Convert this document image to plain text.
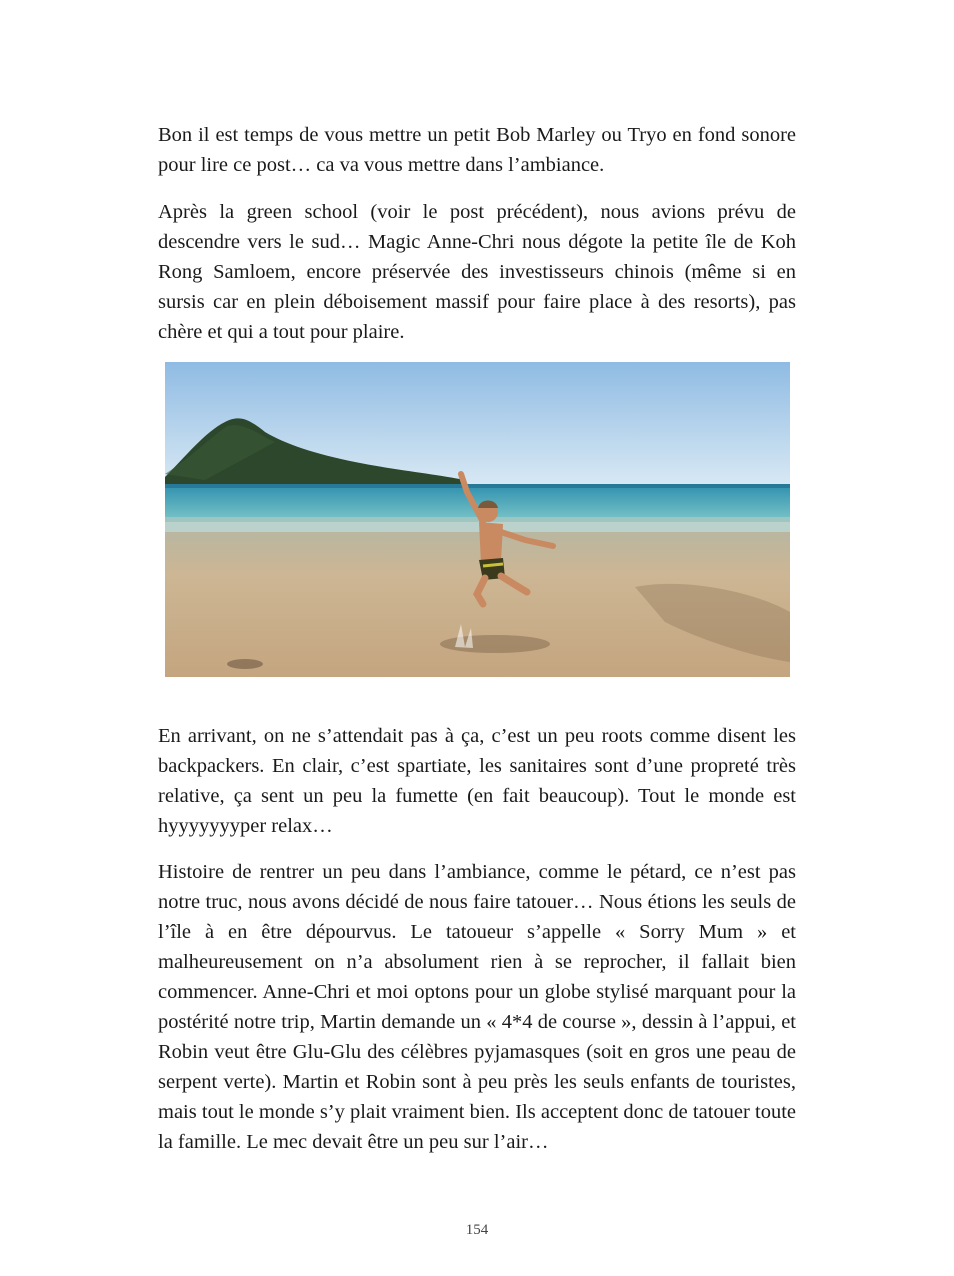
Bon il est temps de vous mettre un petit Bob Marley ou Tryo en fond sonore pour lire ce post… ca va vous mettre dans l’ambiance.

Après la green school (voir le post précédent), nous avions prévu de descendre vers le sud… Magic Anne-Chri nous dégote la petite île de Koh Rong Samloem, encore préservée des investisseurs chinois (même si en sursis car en plein déboisement massif pour faire place à des resorts), pas chère et qui a tout pour plaire.

En arrivant, on ne s’attendait pas à ça, c’est un peu roots comme disent les backpackers. En clair, c’est spartiate, les sanitaires sont d’une propreté très relative, ça sent un peu la fumette (en fait beaucoup). Tout le monde est hyyyyyyyper relax…

Histoire de rentrer un peu dans l’ambiance, comme le pétard, ce n’est pas notre truc, nous avons décidé de nous faire tatouer… Nous étions les seuls de l’île à en être dépourvus. Le tatoueur s’appelle « Sorry Mum » et malheureusement on n’a absolument rien à se reprocher, il fallait bien commencer. Anne-Chri et moi optons pour un globe stylisé marquant pour la postérité notre trip, Martin demande un « 4*4 de course », dessin à l’appui, et Robin veut être Glu-Glu des célèbres pyjamasques (soit en gros une peau de serpent verte). Martin et Robin sont à peu près les seuls enfants de touristes, mais tout le monde s’y plait vraiment bien. Ils acceptent donc de tatouer toute la famille. Le mec devait être un peu sur l’air…

154
